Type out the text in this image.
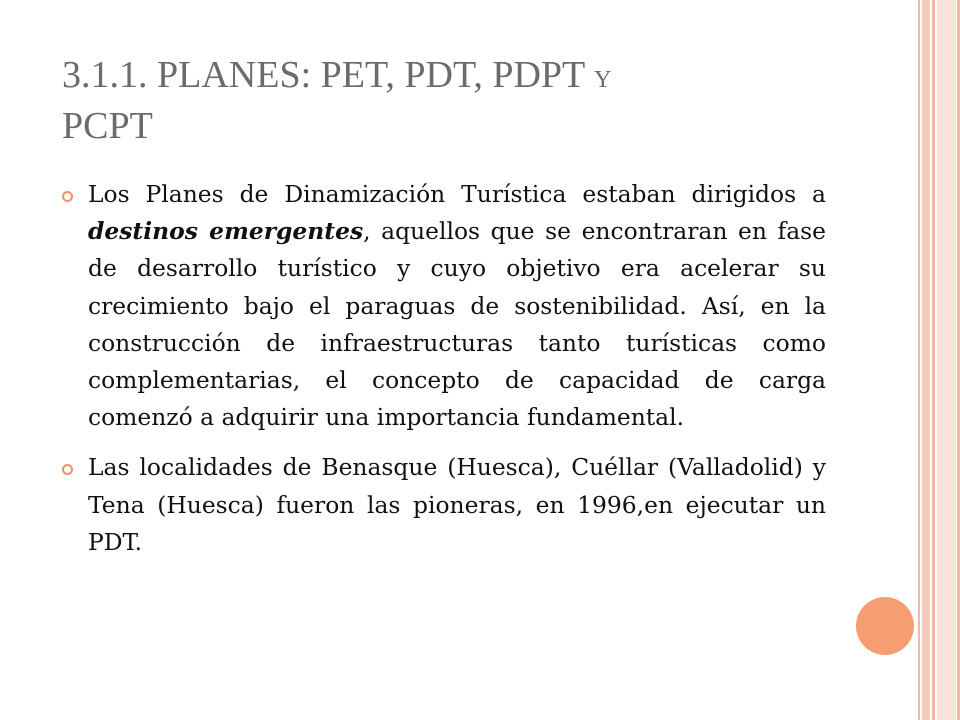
3.1.1. PLANES: PET, PDT, PDPT Y
PCPT
Los Planes de Dinamización Turística estaban dirigidos a destinos emergentes, aquellos que se encontraran en fase de desarrollo turístico y cuyo objetivo era acelerar su crecimiento bajo el paraguas de sostenibilidad. Así, en la construcción de infraestructuras tanto turísticas como complementarias, el concepto de capacidad de carga comenzó a adquirir una importancia fundamental.
Las localidades de Benasque (Huesca), Cuéllar (Valladolid) y Tena (Huesca) fueron las pioneras, en 1996,en ejecutar un PDT.
